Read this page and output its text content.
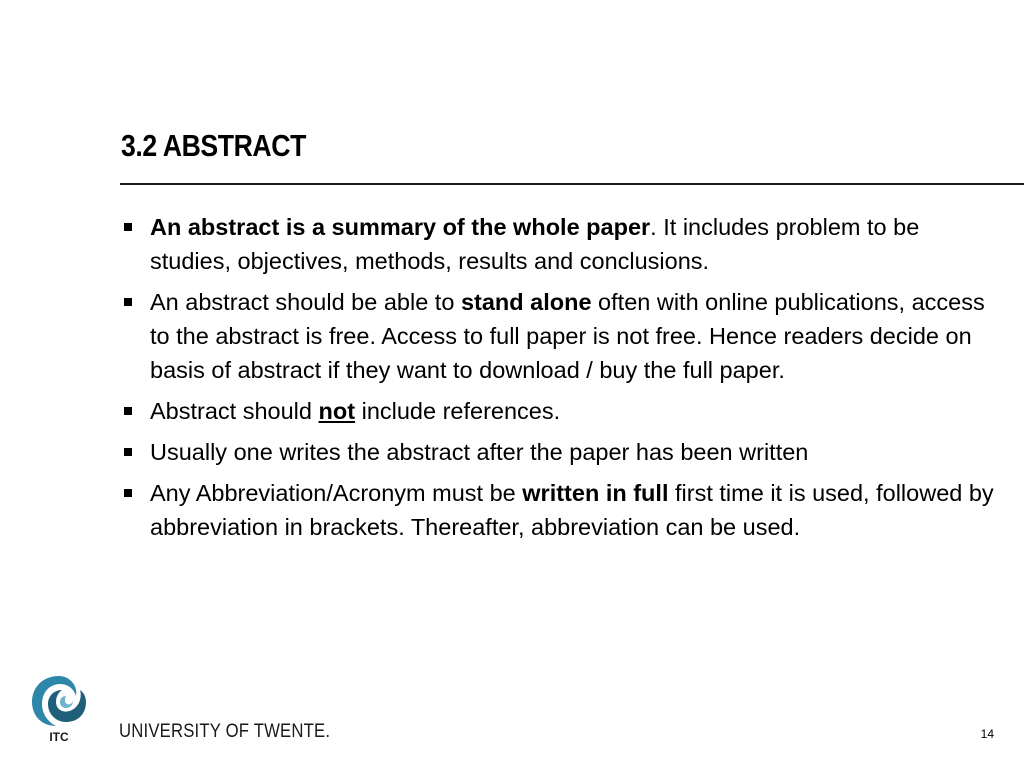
3.2 ABSTRACT
An abstract is a summary of the whole paper. It includes problem to be studies, objectives, methods, results and conclusions.
An abstract should be able to stand alone often with online publications, access to the abstract is free. Access to full paper is not free. Hence readers decide on basis of abstract if they want to download / buy the full paper.
Abstract should not include references.
Usually one writes the abstract after the paper has been written
Any Abbreviation/Acronym must be written in full first time it is used, followed by abbreviation in brackets. Thereafter, abbreviation can be used.
ITC	UNIVERSITY OF TWENTE.	14
